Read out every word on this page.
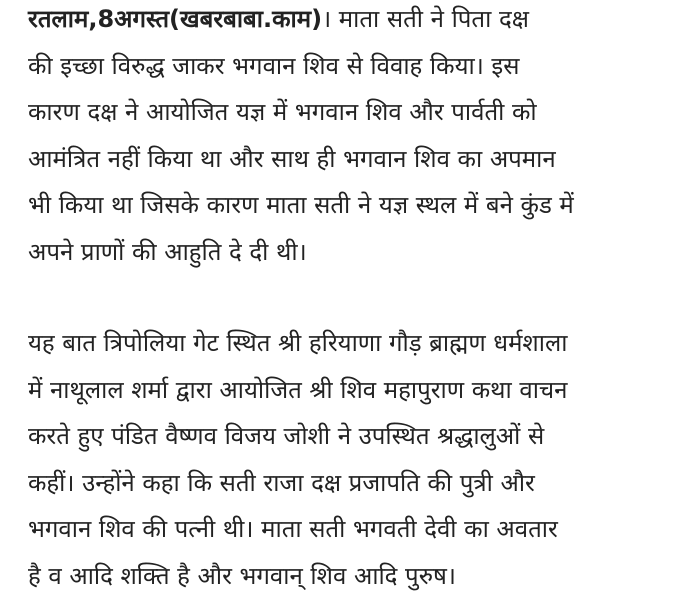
रतलाम,8अगस्त(खबरबाबा.काम)। माता सती ने पिता दक्ष
की इच्छा विरुद्ध जाकर भगवान शिव से विवाह किया। इस
कारण दक्ष ने आयोजित यज्ञ में भगवान शिव और पार्वती को
आमंत्रित नहीं किया था और साथ ही भगवान शिव का अपमान
भी किया था जिसके कारण माता सती ने यज्ञ स्थल में बने कुंड में
अपने प्राणों की आहुति दे दी थी।

यह बात त्रिपोलिया गेट स्थित श्री हरियाणा गौड़ ब्राह्मण धर्मशाला
में नाथूलाल शर्मा द्वारा आयोजित श्री शिव महापुराण कथा वाचन
करते हुए पंडित वैष्णव विजय जोशी ने उपस्थित श्रद्धालुओं से
कहीं। उन्होंने कहा कि सती राजा दक्ष प्रजापति की पुत्री और
भगवान शिव की पत्नी थी। माता सती भगवती देवी का अवतार
है व आदि शक्ति है और भगवान् शिव आदि पुरुष।
